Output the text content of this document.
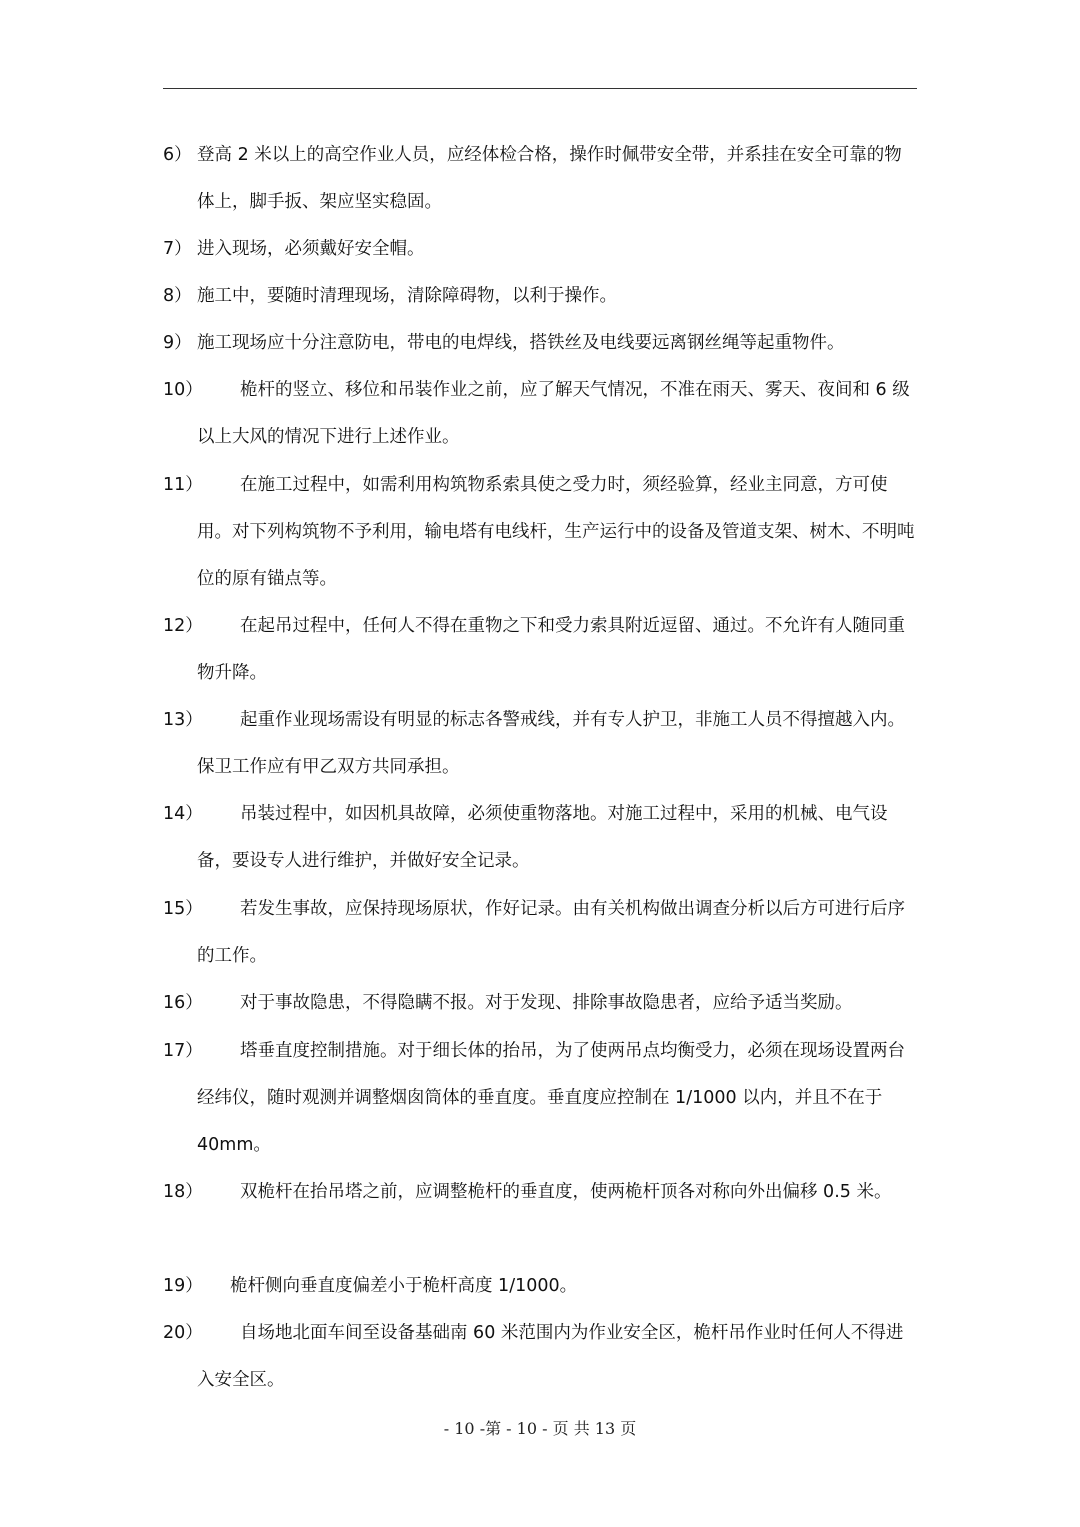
6） 登高 2 米以上的高空作业人员，应经体检合格，操作时佩带安全带，并系挂在安全可靠的物体上，脚手扳、架应坚实稳固。
7） 进入现场，必须戴好安全帽。
8） 施工中，要随时清理现场，清除障碍物，以利于操作。
9） 施工现场应十分注意防电，带电的电焊线，搭铁丝及电线要远离钢丝绳等起重物件。
10）	桅杆的竖立、移位和吊装作业之前，应了解天气情况，不准在雨天、雾天、夜间和 6 级以上大风的情况下进行上述作业。
11）	在施工过程中，如需利用构筑物系索具使之受力时，须经验算，经业主同意，方可使用。对下列构筑物不予利用，输电塔有电线杆，生产运行中的设备及管道支架、树木、不明吨位的原有锚点等。
12）	在起吊过程中，任何人不得在重物之下和受力索具附近逗留、通过。不允许有人随同重物升降。
13）	起重作业现场需设有明显的标志各警戒线，并有专人护卫，非施工人员不得擅越入内。保卫工作应有甲乙双方共同承担。
14）	吊装过程中，如因机具故障，必须使重物落地。对施工过程中，采用的机械、电气设备，要设专人进行维护，并做好安全记录。
15）	若发生事故，应保持现场原状，作好记录。由有关机构做出调查分析以后方可进行后序的工作。
16）	对于事故隐患，不得隐瞒不报。对于发现、排除事故隐患者，应给予适当奖励。
17）	塔垂直度控制措施。对于细长体的抬吊，为了使两吊点均衡受力，必须在现场设置两台经纬仪，随时观测并调整烟囱筒体的垂直度。垂直度应控制在 1/1000 以内，并且不在于 40mm。
18）	双桅杆在抬吊塔之前，应调整桅杆的垂直度，使两桅杆顶各对称向外出偏移 0.5 米。
19）	桅杆侧向垂直度偏差小于桅杆高度 1/1000。
20）	自场地北面车间至设备基础南 60 米范围内为作业安全区，桅杆吊作业时任何人不得进入安全区。
- 10 -第 - 10 - 页 共 13 页
